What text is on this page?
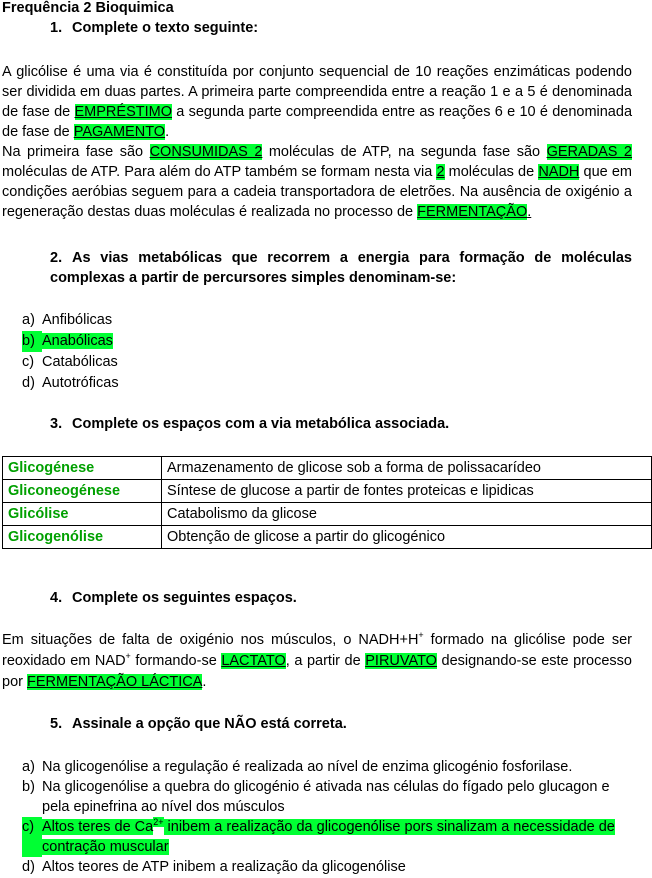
Frequência 2 Bioquimica
1. Complete o texto seguinte:
A glicólise é uma via é constituída por conjunto sequencial de 10 reações enzimáticas podendo ser dividida em duas partes. A primeira parte compreendida entre a reação 1 e a 5 é denominada de fase de EMPRÉSTIMO a segunda parte compreendida entre as reações 6 e 10 é denominada de fase de PAGAMENTO.
Na primeira fase são CONSUMIDAS 2 moléculas de ATP, na segunda fase são GERADAS 2 moléculas de ATP. Para além do ATP também se formam nesta via 2 moléculas de NADH que em condições aeróbias seguem para a cadeia transportadora de eletrões. Na ausência de oxigénio a regeneração destas duas moléculas é realizada no processo de FERMENTAÇÃO.
2. As vias metabólicas que recorrem a energia para formação de moléculas complexas a partir de percursores simples denominam-se:
a) Anfibólicas
b) Anabólicas
c) Catabólicas
d) Autotróficas
3. Complete os espaços com a via metabólica associada.
Glicogénese	Armazenamento de glicose sob a forma de polissacarídeo
Gliconeogénese	Síntese de glucose a partir de fontes proteicas e lipidicas
Glicólise	Catabolismo da glicose
Glicogenólise	Obtenção de glicose a partir do glicogénico
4. Complete os seguintes espaços.
Em situações de falta de oxigénio nos músculos, o NADH+H+ formado na glicólise pode ser reoxidado em NAD+ formando-se LACTATO, a partir de PIRUVATO designando-se este processo por FERMENTAÇÃO LÁCTICA.
5. Assinale a opção que NÃO está correta.
a) Na glicogenólise a regulação é realizada ao nível de enzima glicogénio fosforilase.
b) Na glicogenólise a quebra do glicogénio é ativada nas células do fígado pelo glucagon e pela epinefrina ao nível dos músculos
c) Altos teres de $Ca^{2+}$ inibem a realização da glicogenólise pors sinalizam a necessidade de contração muscular
d) Altos teores de ATP inibem a realização da glicogenólise
